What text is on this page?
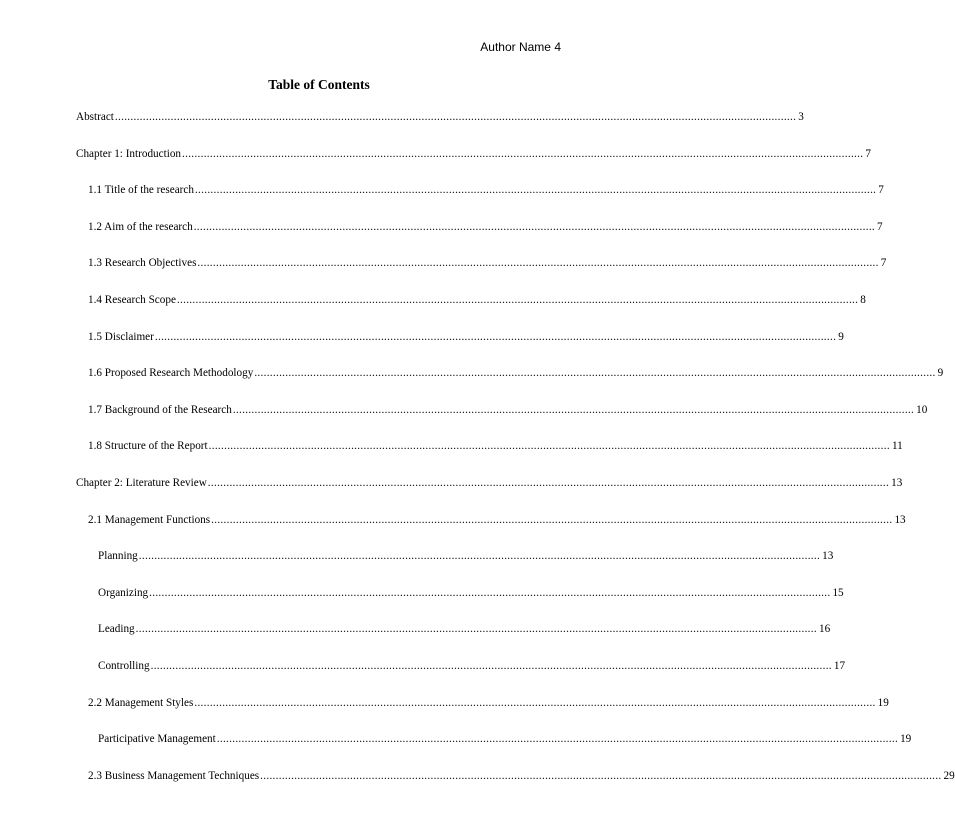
Author Name 4
Table of Contents
Abstract ............................................................................................................................................................................................................................ 3
Chapter 1: Introduction ............................................................................................................................................................................................................................ 7
1.1 Title of the research ............................................................................................................................................................................................................................ 7
1.2 Aim of the research ............................................................................................................................................................................................................................ 7
1.3 Research Objectives ............................................................................................................................................................................................................................ 7
1.4 Research Scope ............................................................................................................................................................................................................................ 8
1.5 Disclaimer ............................................................................................................................................................................................................................ 9
1.6 Proposed Research Methodology ............................................................................................................................................................................................................................ 9
1.7 Background of the Research ............................................................................................................................................................................................................................ 10
1.8 Structure of the Report ............................................................................................................................................................................................................................ 11
Chapter 2: Literature Review ............................................................................................................................................................................................................................ 13
2.1 Management Functions ............................................................................................................................................................................................................................ 13
Planning ............................................................................................................................................................................................................................ 13
Organizing ............................................................................................................................................................................................................................ 15
Leading ............................................................................................................................................................................................................................ 16
Controlling ............................................................................................................................................................................................................................ 17
2.2 Management Styles ............................................................................................................................................................................................................................ 19
Participative Management ............................................................................................................................................................................................................................ 19
2.3 Business Management Techniques ............................................................................................................................................................................................................................ 29
